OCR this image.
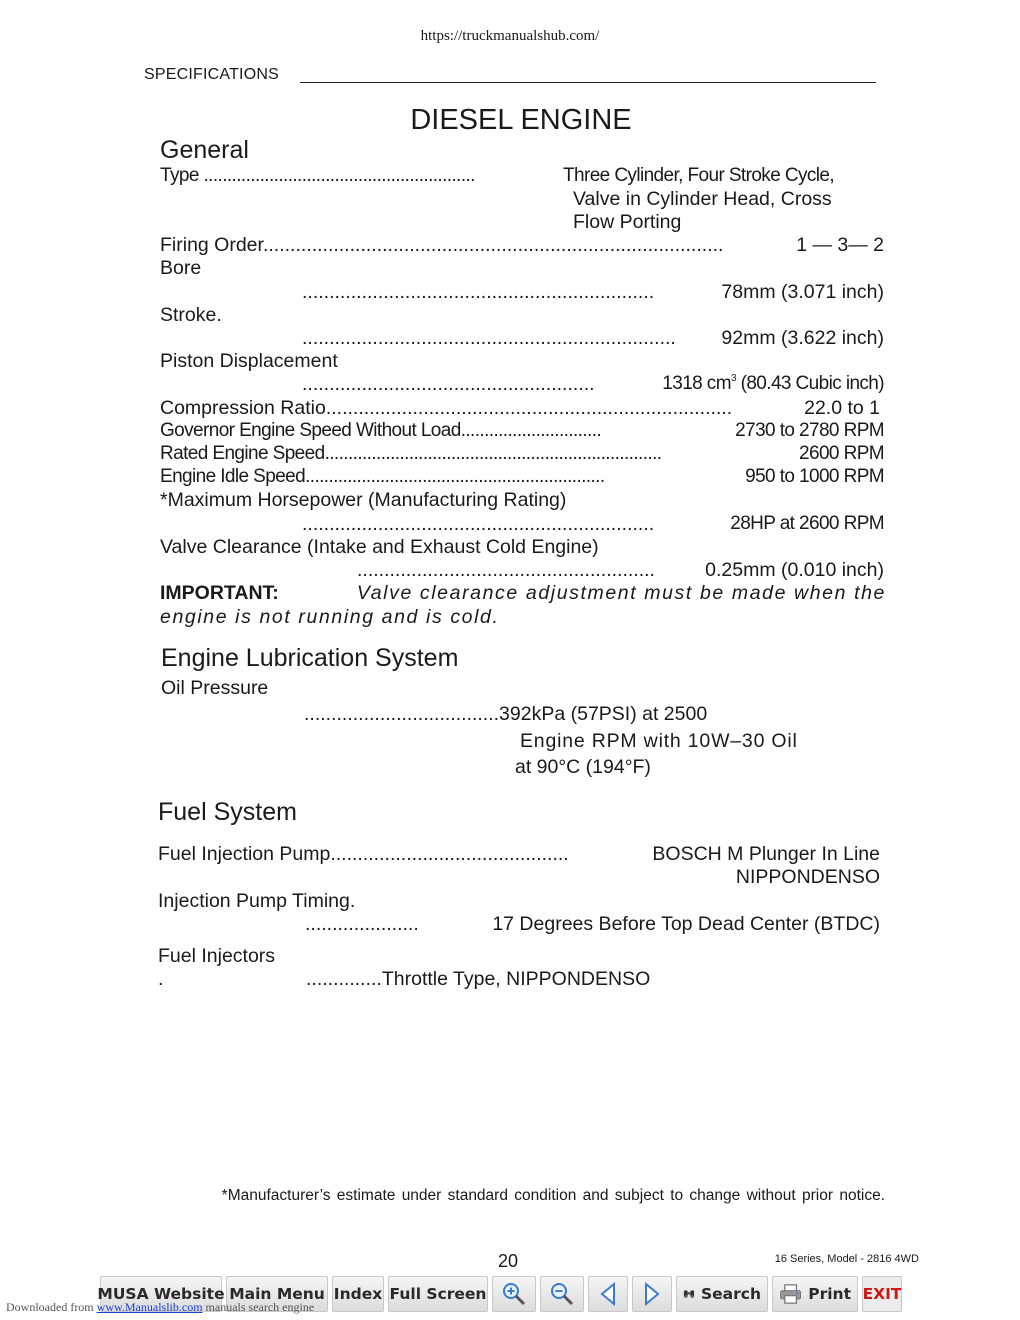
https://truckmanualshub.com/
SPECIFICATIONS
DIESEL ENGINE
General
Type ..........................................................	Three Cylinder, Four Stroke Cycle,
Valve in Cylinder Head, Cross
Flow Porting
Firing Order.....................................................................................	1 — 3— 2
Bore
.................................................................	78mm (3.071 inch)
Stroke.
..................................................................... 92mm (3.622 inch)
Piston Displacement
......................................................	1318 $cm^3$ (80.43 Cubic inch)
Compression Ratio...........................................................................	22.0 to 1
Governor Engine Speed Without Load..............................	2730 to 2780 RPM
Rated Engine Speed........................................................................	2600 RPM
Engine Idle Speed................................................................	950 to 1000 RPM
*Maximum Horsepower (Manufacturing Rating)
.................................................................	28HP at 2600 RPM
Valve Clearance (Intake and Exhaust Cold Engine)
.......................................................	0.25mm (0.010 inch)
IMPORTANT:	Valve clearance adjustment must be made when the
engine is not running and is cold.
Engine Lubrication System
Oil Pressure
....................................392kPa (57PSI) at 2500
Engine RPM with 10W–30 Oil
at 90°C (194°F)
Fuel System
Fuel Injection Pump............................................	BOSCH M Plunger In Line
NIPPONDENSO
Injection Pump Timing.
.....................	17 Degrees Before Top Dead Center (BTDC)
Fuel Injectors
.	..............Throttle Type, NIPPONDENSO
*Manufacturer’s estimate under standard condition and subject to change without prior notice.
20	16 Series, Model - 2816 4WD
MUSA Website Main Menu Index Full Screen	Search	Print EXIT
Downloaded from www.Manualslib.com manuals search engine
